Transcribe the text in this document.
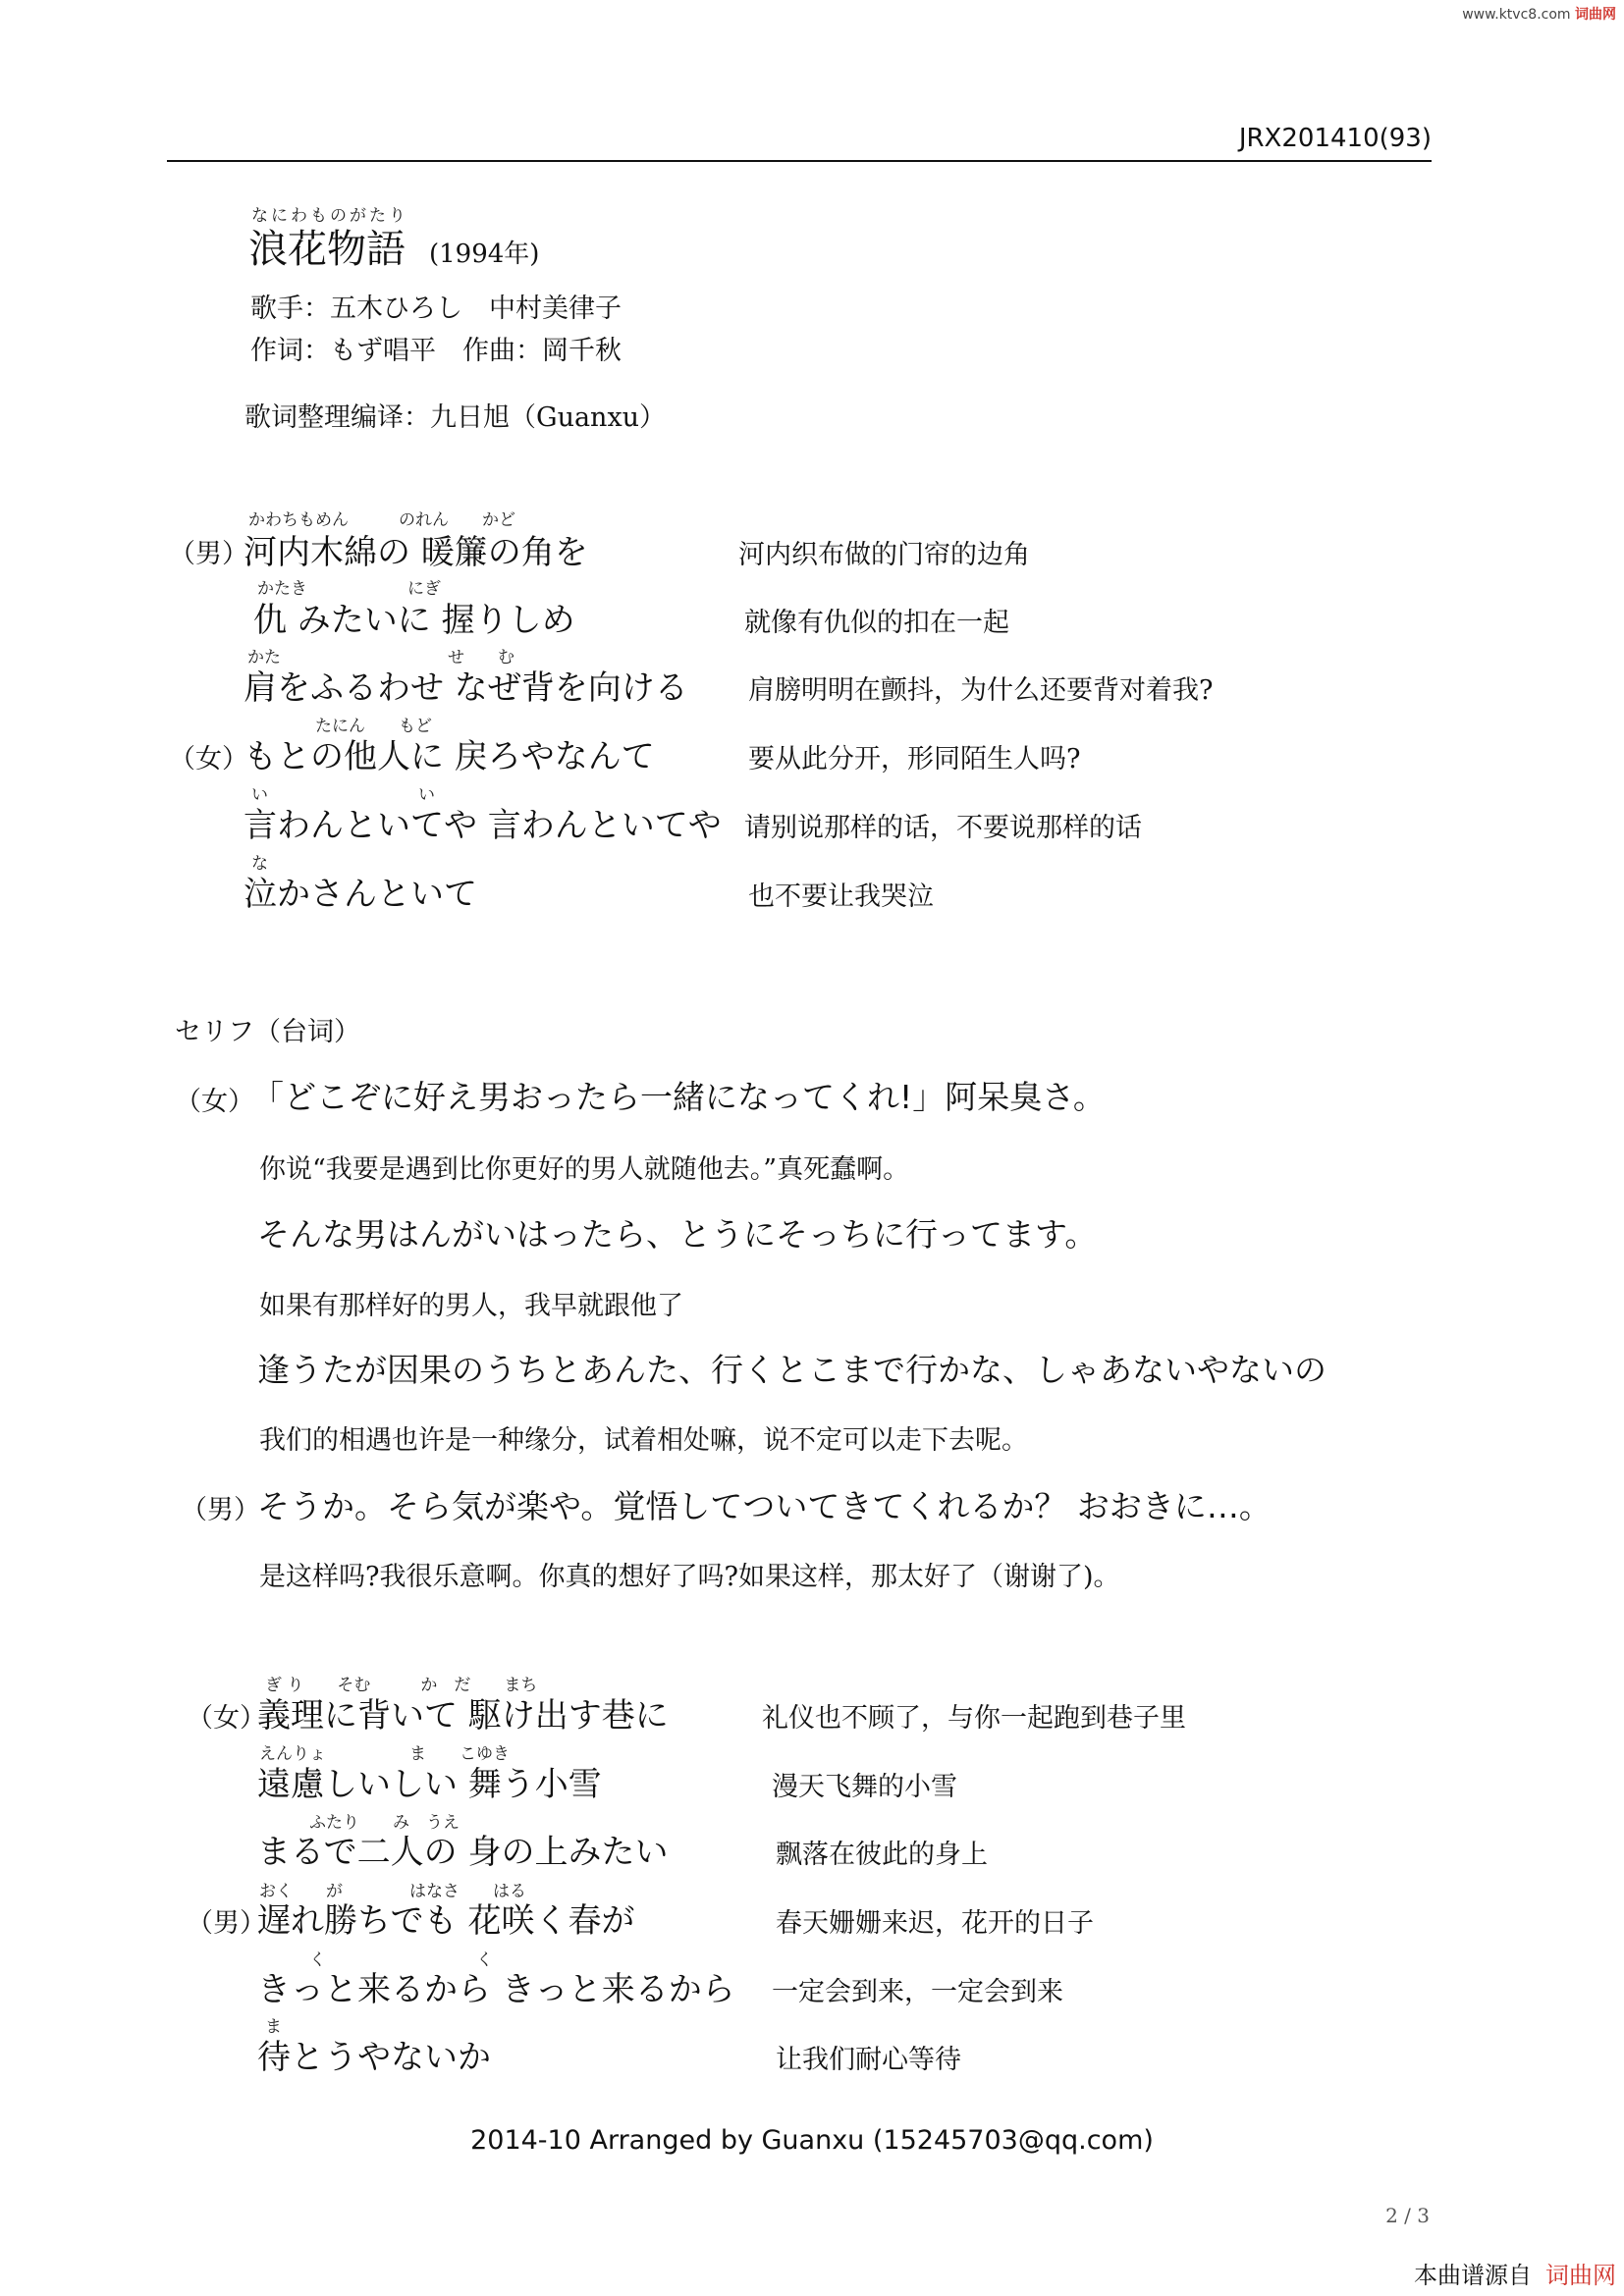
www.ktvc8.com 词曲网
JRX201410(93)
なにわものがたり
浪花物語 (1994年)
歌手：五木ひろし　中村美律子
作词：もず唱平　作曲：岡千秋
歌词整理编译：九日旭（Guanxu）
かわちもめん　　　のれん　　かど
（男）
河内木綿の 暖簾の角を	河内织布做的门帘的边角
かたき　　　　　　にぎ
仇 みたいに 握りしめ	就像有仇似的扣在一起
かた　　　　　　　　　　せ　　む
肩をふるわせ なぜ背を向ける 肩膀明明在颤抖，为什么还要背对着我?
　　　　たにん　　もど
（女）
もとの他人に 戻ろやなんて	要从此分开，形同陌生人吗?
い　　　　　　　　　い
言わんといてや 言わんといてや 请别说那样的话，不要说那样的话
な
泣かさんといて	也不要让我哭泣
セリフ（台词）
（女）
「どこぞに好え男おったら一緒になってくれ!」阿呆臭さ。
你说“我要是遇到比你更好的男人就随他去。”真死蠢啊。
そんな男はんがいはったら、とうにそっちに行ってます。
如果有那样好的男人，我早就跟他了
逢うたが因果のうちとあんた、行くとこまで行かな、しゃあないやないの
我们的相遇也许是一种缘分，试着相处嘛，说不定可以走下去呢。
（男）
そうか。そら気が楽や。覚悟してついてきてくれるか？ おおきに…。
是这样吗?我很乐意啊。你真的想好了吗?如果这样，那太好了（谢谢了)。
ぎ り　　そむ　　　か　だ　　まち
（女）
義理に背いて 駆け出す巷に	礼仪也不顾了，与你一起跑到巷子里
えんりょ　　　　　ま　　こゆき
遠慮しいしい 舞う小雪	漫天飞舞的小雪
　　　ふたり　　み　うえ
まるで二人の 身の上みたい	飘落在彼此的身上
おく　　が　　　　はなさ　　はる
（男）
遅れ勝ちでも 花咲く春が	春天姗姗来迟，花开的日子
　　　く　　　　　　　　　く
きっと来るから きっと来るから 一定会到来，一定会到来
ま
待とうやないか	让我们耐心等待
2014-10 Arranged by Guanxu (15245703@qq.com)
2 / 3
本曲谱源自 词曲网
